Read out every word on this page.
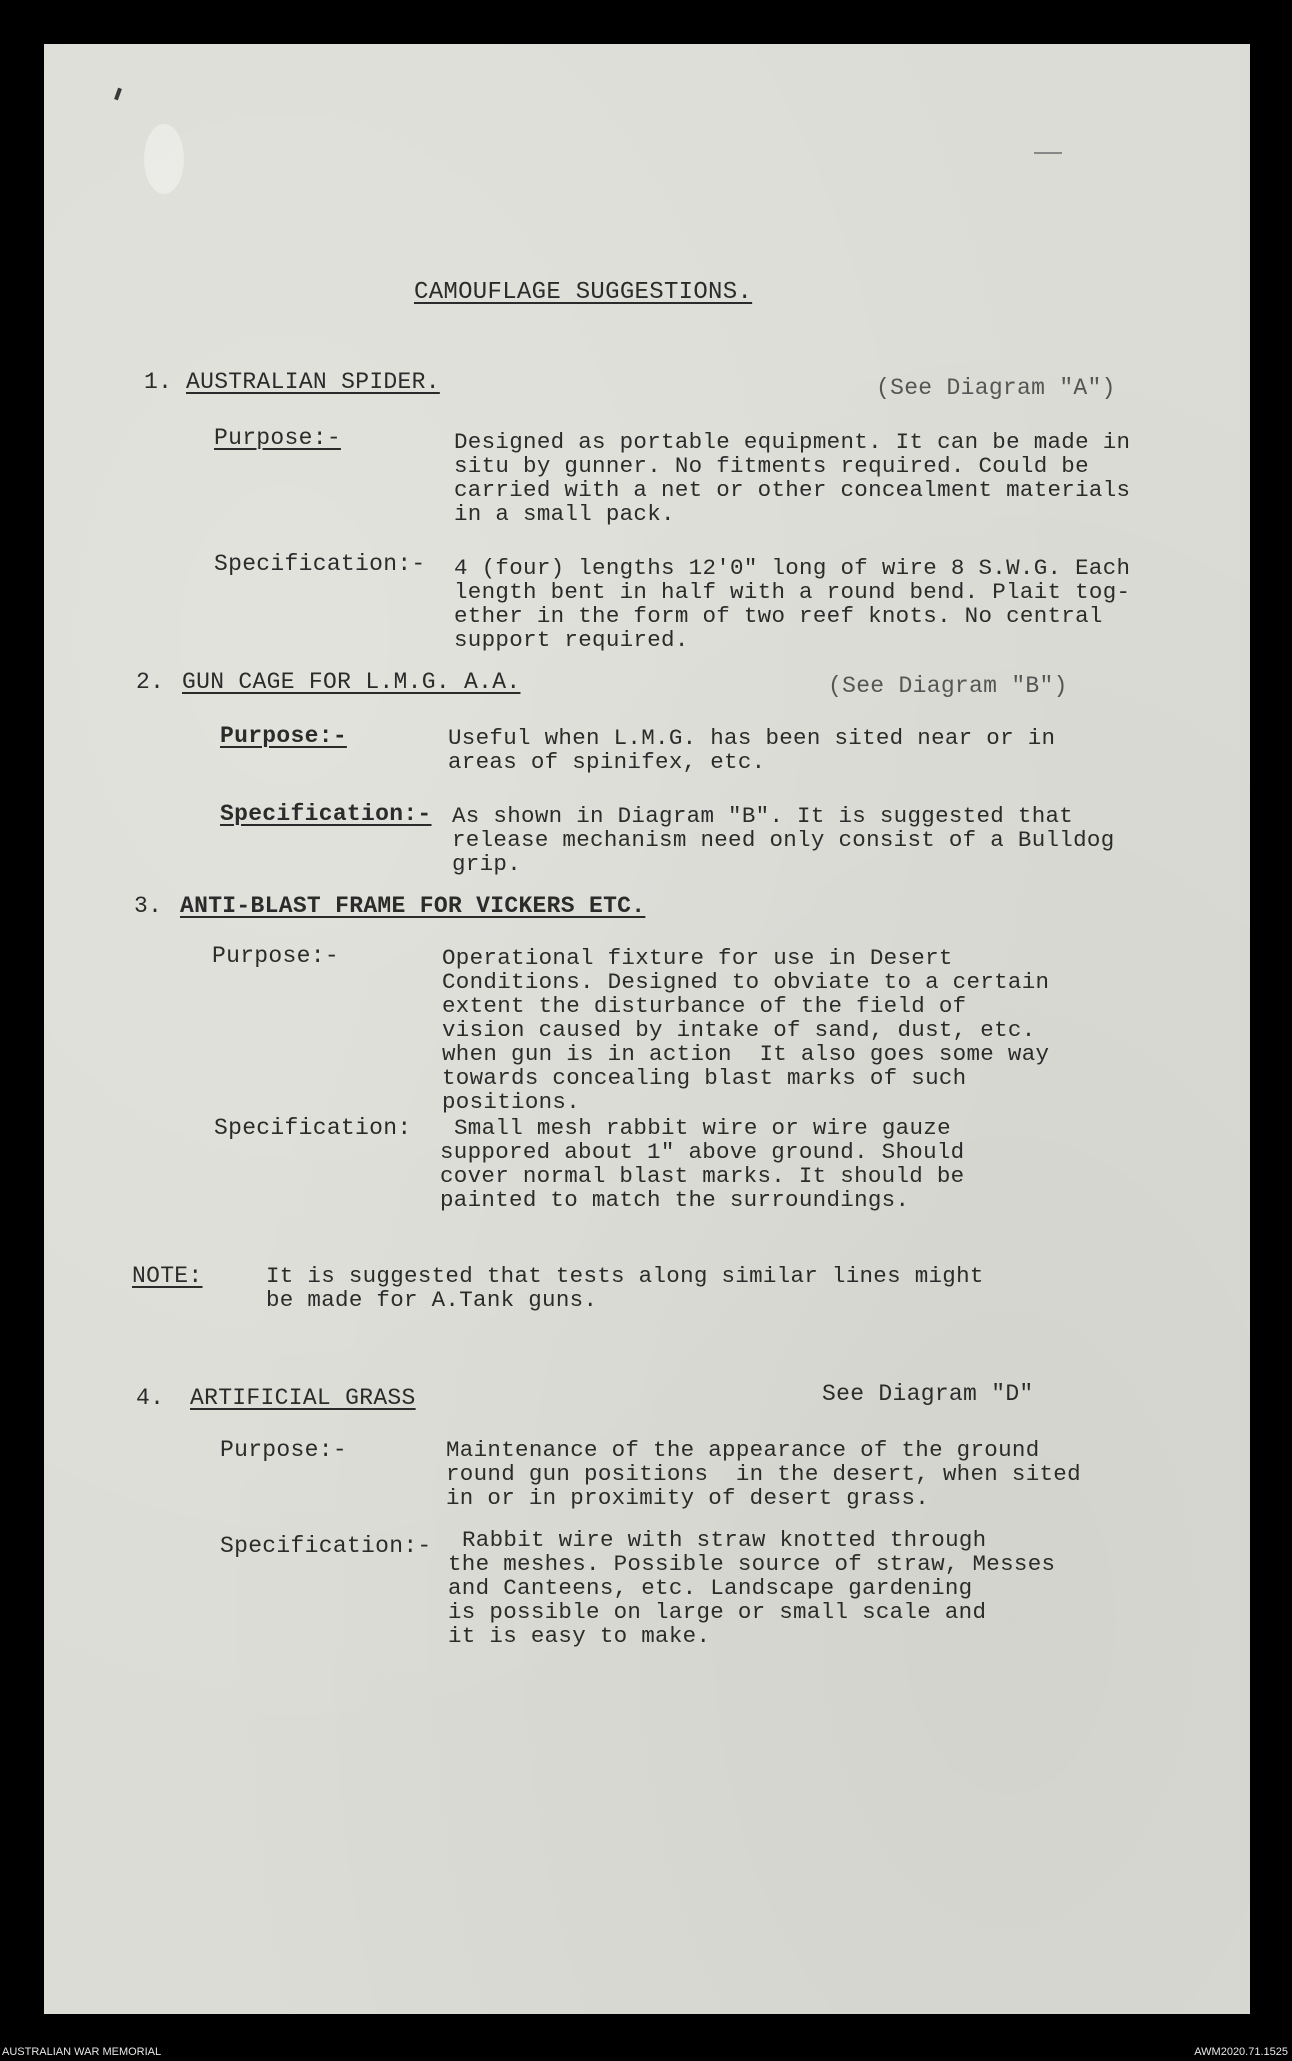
CAMOUFLAGE SUGGESTIONS.
1. AUSTRALIAN SPIDER.	(See Diagram "A")
Purpose:-	Designed as portable equipment. It can be made in
situ by gunner. No fitments required. Could be
carried with a net or other concealment materials
in a small pack.
Specification:- 4 (four) lengths 12'0" long of wire 8 S.W.G. Each
length bent in half with a round bend. Plait tog-
ether in the form of two reef knots. No central
support required.
2. GUN CAGE FOR L.M.G. A.A.	(See Diagram "B")
Purpose:-	Useful when L.M.G. has been sited near or in
areas of spinifex, etc.
Specification:- As shown in Diagram "B". It is suggested that
release mechanism need only consist of a Bulldog
grip.
3. ANTI-BLAST FRAME FOR VICKERS ETC.
Purpose:-	Operational fixture for use in Desert
Conditions. Designed to obviate to a certain
extent the disturbance of the field of
vision caused by intake of sand, dust, etc.
when gun is in action  It also goes some way
towards concealing blast marks of such
positions.
Specification: Small mesh rabbit wire or wire gauze
suppored about 1" above ground. Should
cover normal blast marks. It should be
painted to match the surroundings.
NOTE:	It is suggested that tests along similar lines might
be made for A.Tank guns.
4. ARTIFICIAL GRASS	See Diagram "D"
Purpose:-	Maintenance of the appearance of the ground
round gun positions  in the desert, when sited
in or in proximity of desert grass.
Specification:- Rabbit wire with straw knotted through
the meshes. Possible source of straw, Messes
and Canteens, etc. Landscape gardening
is possible on large or small scale and
it is easy to make.
AUSTRALIAN WAR MEMORIAL	AWM2020.71.1525
